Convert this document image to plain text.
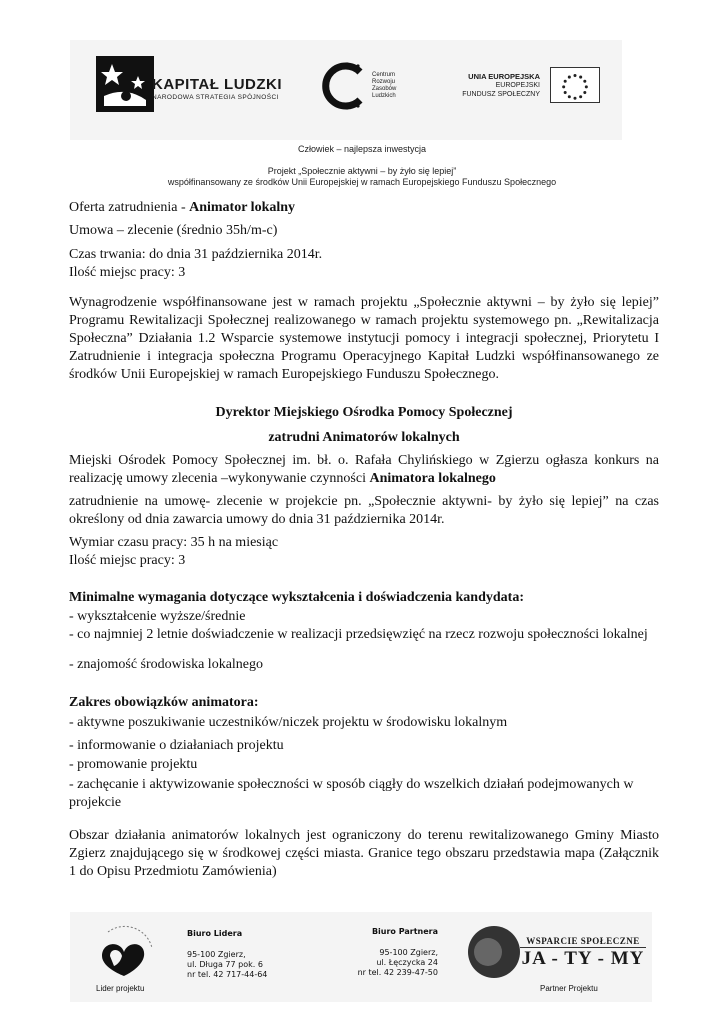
KAPITAŁ LUDZKI
NARODOWA STRATEGIA SPÓJNOŚCI
Centrum
Rozwoju
Zasobów
Ludzkich
UNIA EUROPEJSKA
EUROPEJSKI
FUNDUSZ SPOŁECZNY
Człowiek – najlepsza inwestycja
Projekt „Społecznie aktywni – by żyło się lepiej”
współfinansowany ze środków Unii Europejskiej w ramach Europejskiego Funduszu Społecznego
Oferta zatrudnienia - Animator lokalny
Umowa – zlecenie (średnio 35h/m-c)
Czas trwania: do dnia 31 października 2014r.
Ilość miejsc pracy: 3
Wynagrodzenie współfinansowane jest w ramach projektu „Społecznie aktywni – by żyło się lepiej” Programu Rewitalizacji Społecznej realizowanego w ramach projektu systemowego pn. „Rewitalizacja Społeczna” Działania 1.2 Wsparcie systemowe instytucji pomocy i integracji społecznej, Priorytetu I Zatrudnienie i integracja społeczna Programu Operacyjnego Kapitał Ludzki współfinansowanego ze środków Unii Europejskiej w ramach Europejskiego Funduszu Społecznego.
Dyrektor Miejskiego Ośrodka Pomocy Społecznej
zatrudni Animatorów lokalnych
Miejski Ośrodek Pomocy Społecznej im. bł. o. Rafała Chylińskiego w Zgierzu ogłasza konkurs na realizację umowy zlecenia –wykonywanie czynności Animatora lokalnego
zatrudnienie na umowę- zlecenie w projekcie pn. „Społecznie aktywni- by żyło się lepiej” na czas określony od dnia zawarcia umowy do dnia 31 października 2014r.
Wymiar czasu pracy: 35 h na miesiąc
Ilość miejsc pracy: 3
Minimalne wymagania dotyczące wykształcenia i doświadczenia kandydata:
- wykształcenie wyższe/średnie
- co najmniej 2 letnie doświadczenie w realizacji przedsięwzięć na rzecz rozwoju społeczności lokalnej
- znajomość środowiska lokalnego
Zakres obowiązków animatora:
- aktywne poszukiwanie uczestników/niczek projektu w środowisku lokalnym
- informowanie o działaniach projektu
- promowanie projektu
- zachęcanie i aktywizowanie społeczności w sposób ciągły do wszelkich działań podejmowanych w projekcie
Obszar działania animatorów lokalnych jest ograniczony do terenu rewitalizowanego Gminy Miasto Zgierz znajdującego się w środkowej części miasta. Granice tego obszaru przedstawia mapa (Załącznik 1 do Opisu Przedmiotu Zamówienia)
Lider projektu
Biuro Lidera
95-100 Zgierz,
ul. Długa 77 pok. 6
nr tel. 42 717-44-64
Biuro Partnera
95-100 Zgierz,
ul. Łęczycka 24
nr tel. 42 239-47-50
WSPARCIE SPOŁECZNE
JA - TY - MY
Partner Projektu
